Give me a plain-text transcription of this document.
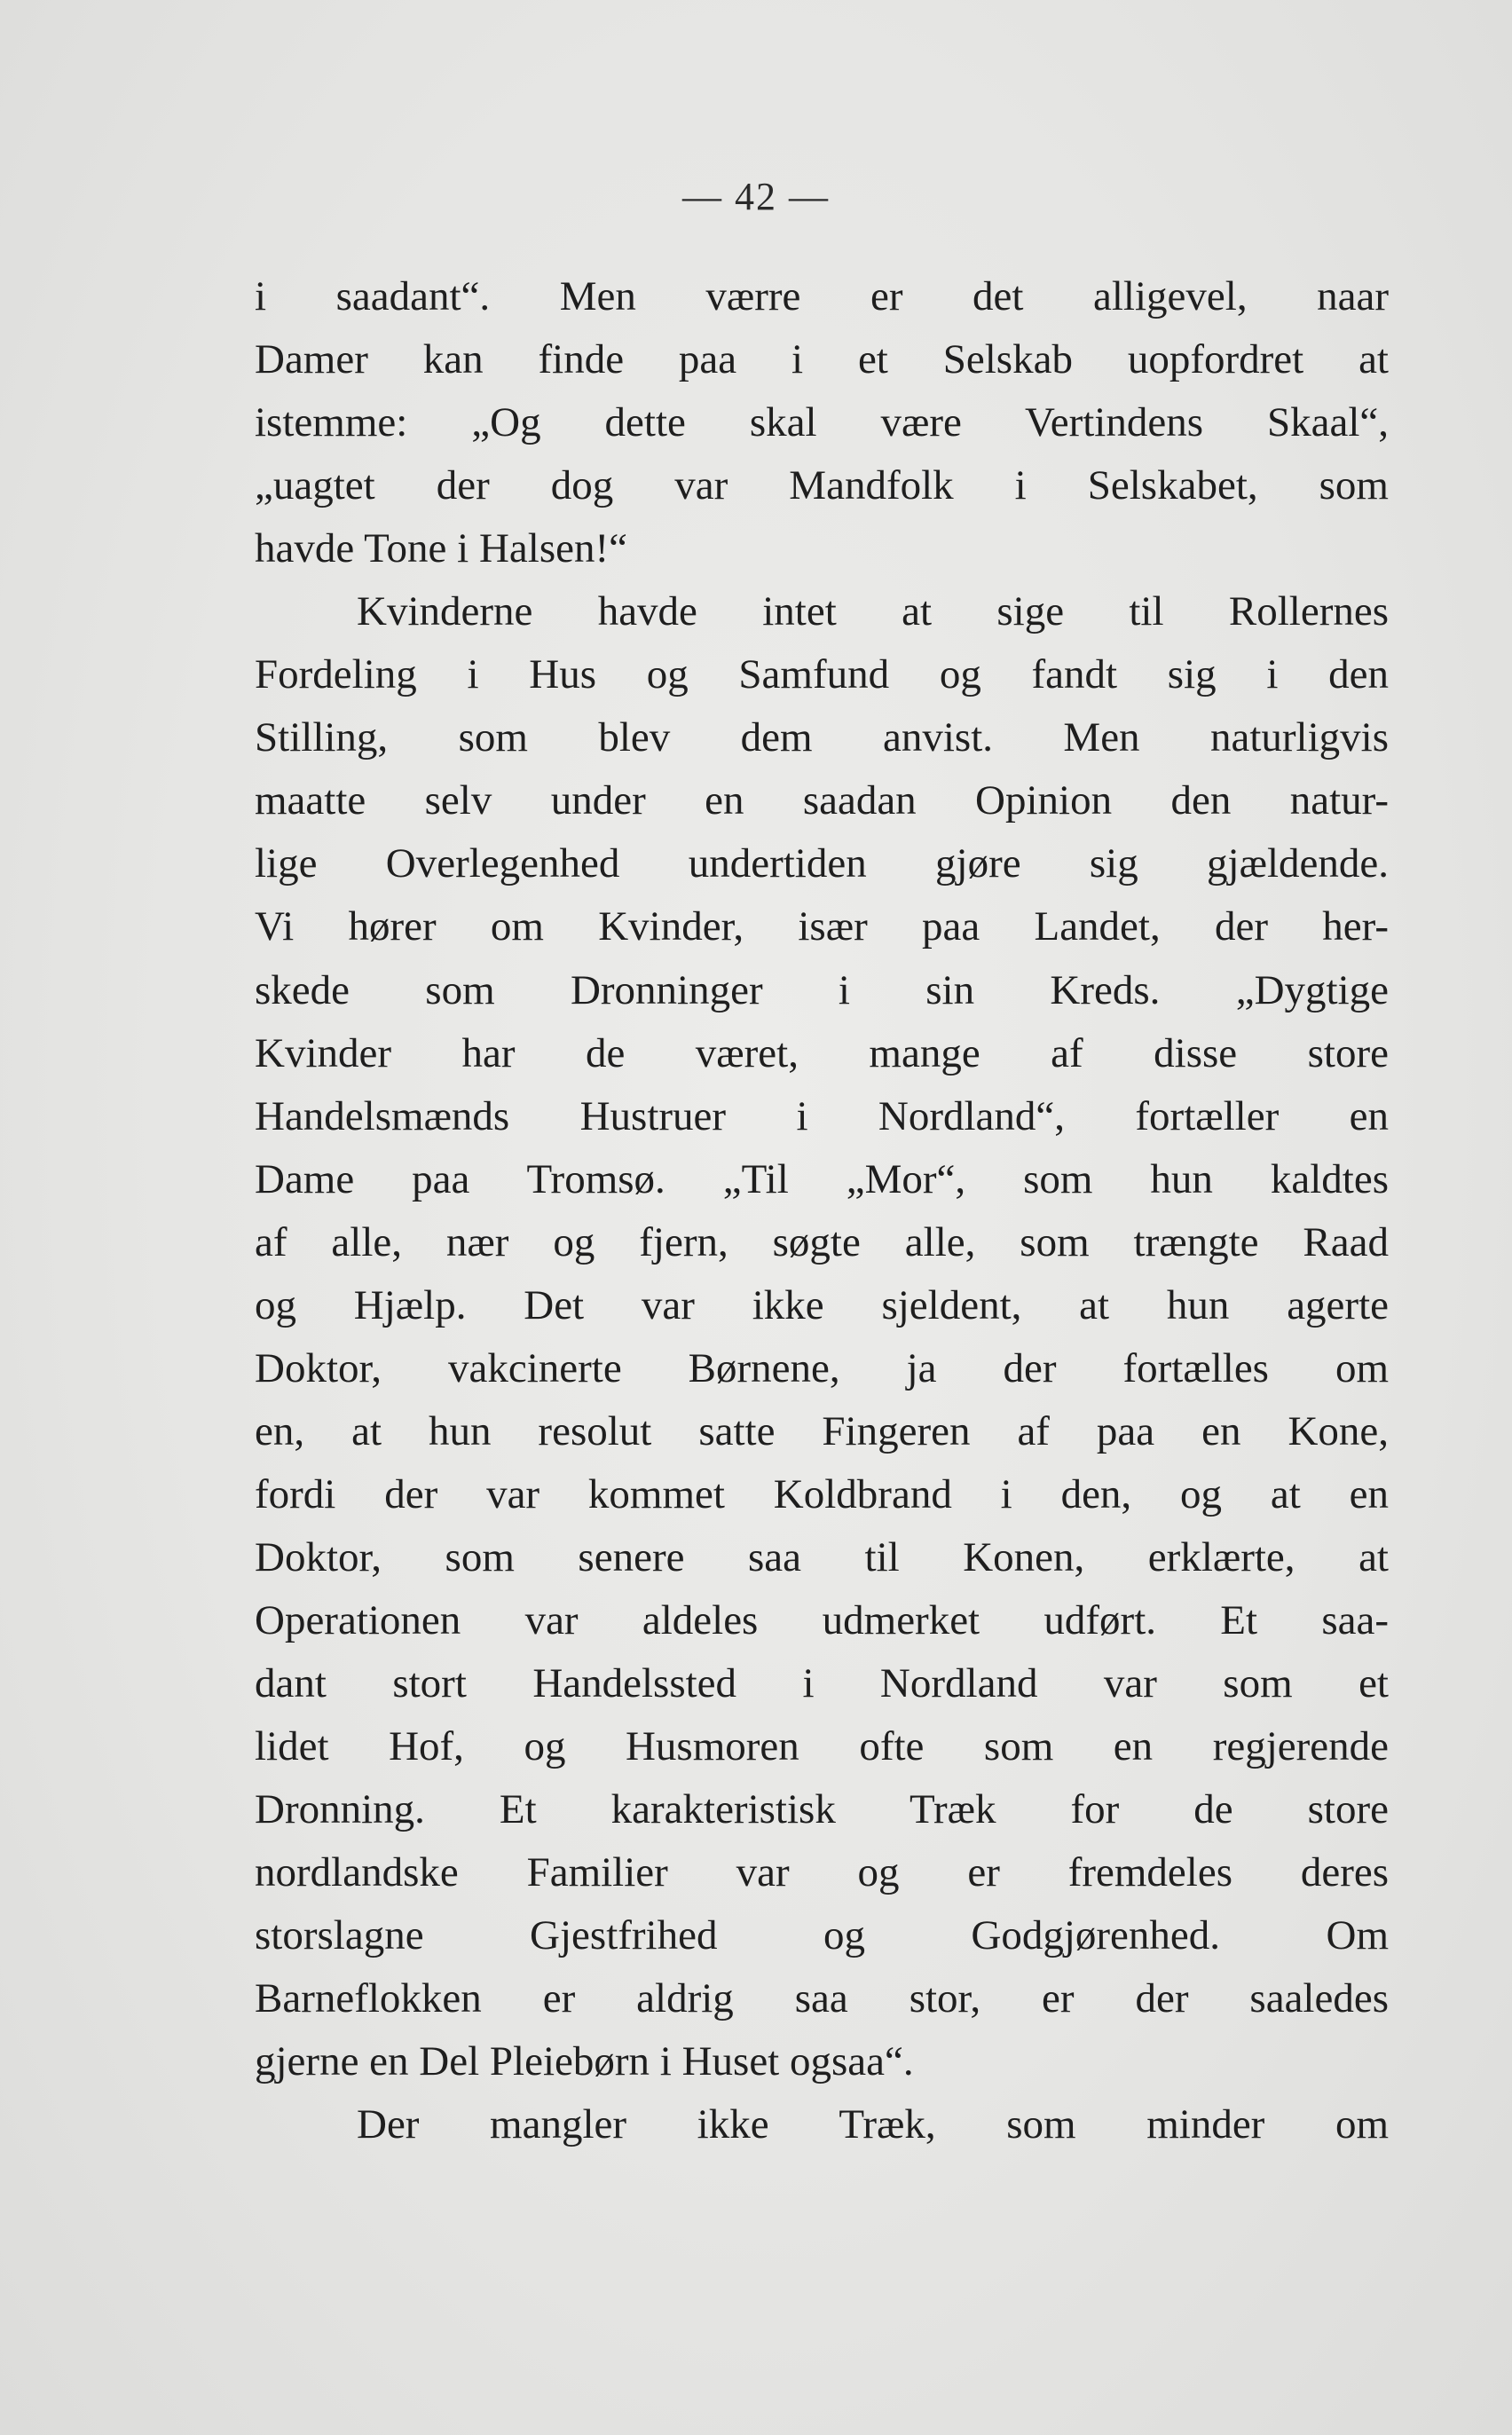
— 42 —
i saadant“. Men værre er det alligevel, naar
Damer kan finde paa i et Selskab uopfordret at
istemme: „Og dette skal være Vertindens Skaal“,
„uagtet der dog var Mandfolk i Selskabet, som
havde Tone i Halsen!“
Kvinderne havde intet at sige til Rollernes
Fordeling i Hus og Samfund og fandt sig i den
Stilling, som blev dem anvist. Men naturligvis
maatte selv under en saadan Opinion den natur-
lige Overlegenhed undertiden gjøre sig gjældende.
Vi hører om Kvinder, især paa Landet, der her-
skede som Dronninger i sin Kreds. „Dygtige
Kvinder har de været, mange af disse store
Handelsmænds Hustruer i Nordland“, fortæller en
Dame paa Tromsø. „Til „Mor“, som hun kaldtes
af alle, nær og fjern, søgte alle, som trængte Raad
og Hjælp. Det var ikke sjeldent, at hun agerte
Doktor, vakcinerte Børnene, ja der fortælles om
en, at hun resolut satte Fingeren af paa en Kone,
fordi der var kommet Koldbrand i den, og at en
Doktor, som senere saa til Konen, erklærte, at
Operationen var aldeles udmerket udført. Et saa-
dant stort Handelssted i Nordland var som et
lidet Hof, og Husmoren ofte som en regjerende
Dronning. Et karakteristisk Træk for de store
nordlandske Familier var og er fremdeles deres
storslagne Gjestfrihed og Godgjørenhed. Om
Barneflokken er aldrig saa stor, er der saaledes
gjerne en Del Pleiebørn i Huset ogsaa“.
Der mangler ikke Træk, som minder om
